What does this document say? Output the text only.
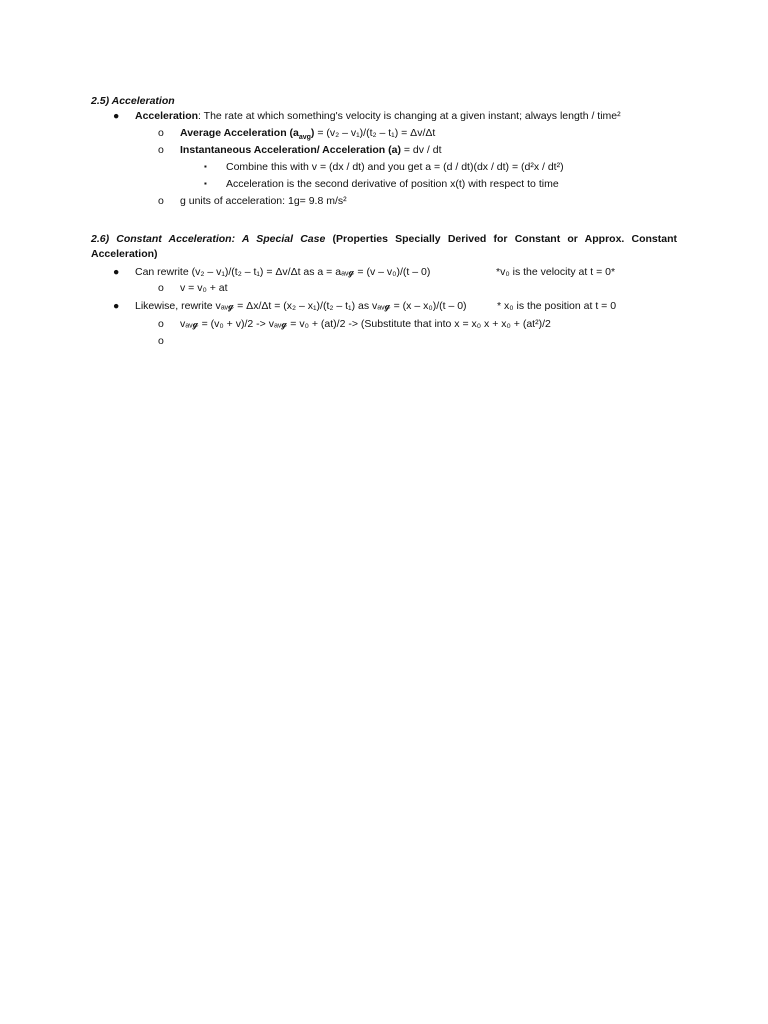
2.5) Acceleration
● Acceleration: The rate at which something's velocity is changing at a given instant; always length / time²
o Average Acceleration $(a_{avg}) = (v_2 - v_1)/(t_2 - t_1) = \Delta v/\Delta t$
o Instantaneous Acceleration/ Acceleration (a) = dv / dt
▪ Combine this with v = (dx / dt) and you get a = (d / dt)(dx / dt) = (d²x / dt²)
▪ Acceleration is the second derivative of position x(t) with respect to time
o g units of acceleration: 1g= 9.8 m/s²
2.6) Constant Acceleration: A Special Case (Properties Specially Derived for Constant or Approx. Constant
Acceleration)
● Can rewrite (v₂ – v₁)/(t₂ – t₁) = Δv/Δt as a = aₐᵥ𝓰 = (v – v₀)/(t – 0)	*v₀ is the velocity at t = 0*
o v = v₀ + at
● Likewise, rewrite vₐᵥ𝓰 = Δx/Δt = (x₂ – x₁)/(t₂ – t₁) as vₐᵥ𝓰 = (x – x₀)/(t – 0)	* x₀ is the position at t = 0
o vₐᵥ𝓰 = (v₀ + v)/2 -> vₐᵥ𝓰 = v₀ + (at)/2 -> (Substitute that into x = x₀ x + x₀ + (at²)/2
o
